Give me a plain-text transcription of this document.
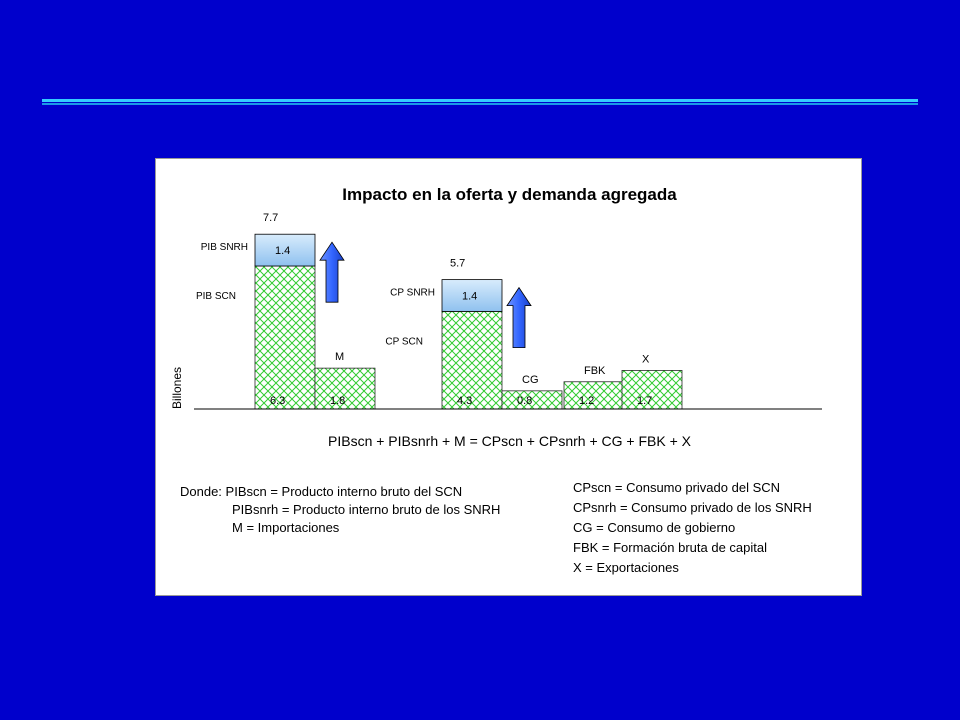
6.3
1.4
7.7
PIB SNRH
PIB SCN
1.8
M
4.3
1.4
5.7
CP SNRH
CP SCN
0.8
CG
1.2
FBK
1.7
X
Billones
Impacto en la oferta y demanda agregada
PIBscn + PIBsnrh + M = CPscn + CPsnrh + CG + FBK + X
Donde: PIBscn = Producto interno bruto del SCN
PIBsnrh = Producto interno bruto de los SNRH
M = Importaciones
CPscn = Consumo privado del SCN
CPsnrh = Consumo privado de los SNRH
CG = Consumo de gobierno
FBK = Formación bruta de capital
X = Exportaciones
